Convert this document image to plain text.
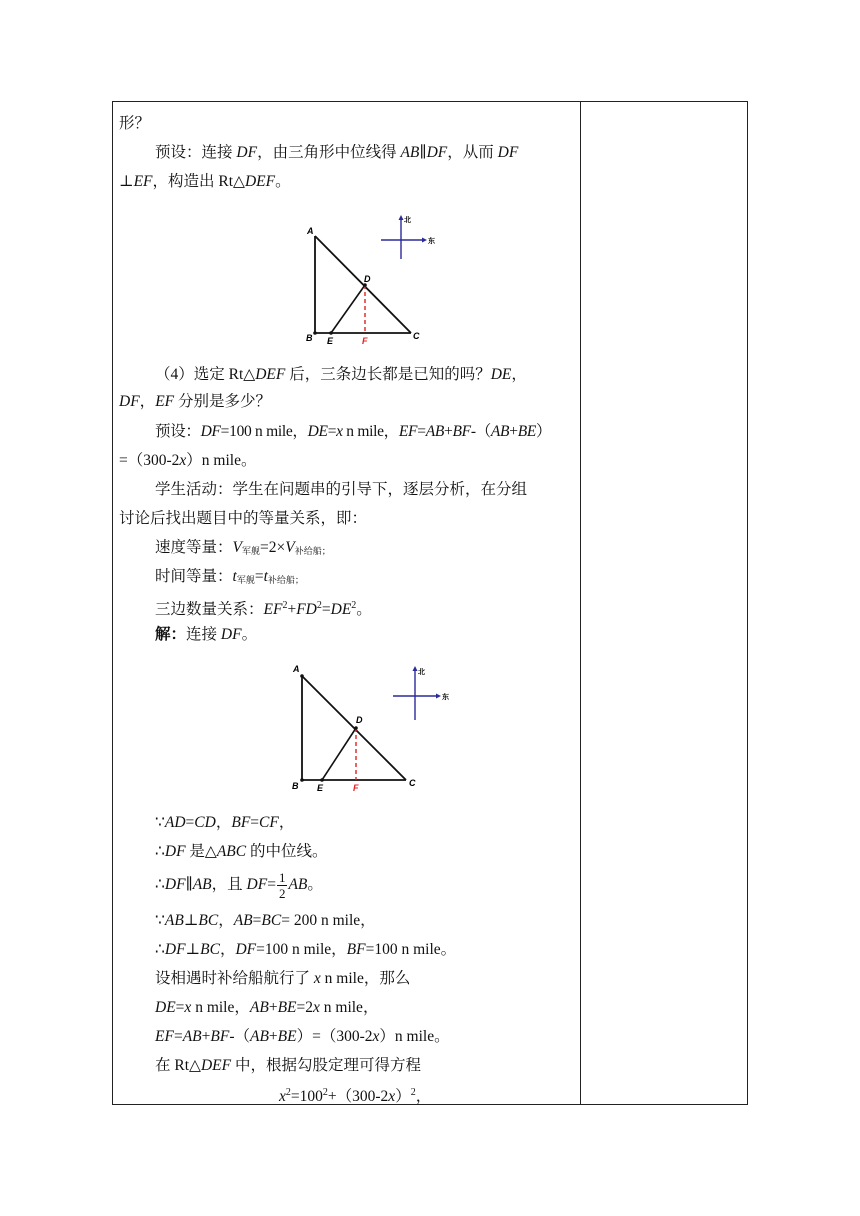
形？
预设：连接 DF，由三角形中位线得 AB∥DF，从而 DF
⊥EF，构造出 Rt△DEF。
A
B	C
D
E	F
北
东
（4）选定 Rt△DEF 后，三条边长都是已知的吗？DE，
DF，EF 分别是多少？
预设：DF=100 n mile，DE=x n mile，EF=AB+BF-（AB+BE）
=（300-2x）n mile。
学生活动：学生在问题串的引导下，逐层分析，在分组
讨论后找出题目中的等量关系，即：
速度等量：$V_{军舰}=2\times V_{补给船;}$
时间等量：$t_{军舰}=t_{补给船;}$
三边数量关系：$EF^2+FD^2=DE^2$。
解：连接 DF。
A
B	C
D
E	F
北
东
∵AD=CD，BF=CF，
∴DF 是△ABC 的中位线。
∴DF∥AB，且 $DF= \frac{1}{2}$ AB。
∵AB⊥BC，AB=BC= 200 n mile，
∴DF⊥BC，DF=100 n mile，BF=100 n mile。
设相遇时补给船航行了 x n mile，那么
DE=x n mile，AB+BE=2x n mile，
EF=AB+BF-（AB+BE）=（300-2x）n mile。
在 Rt△DEF 中，根据勾股定理可得方程
$x^2=100^2+(300-2x)^2$，
